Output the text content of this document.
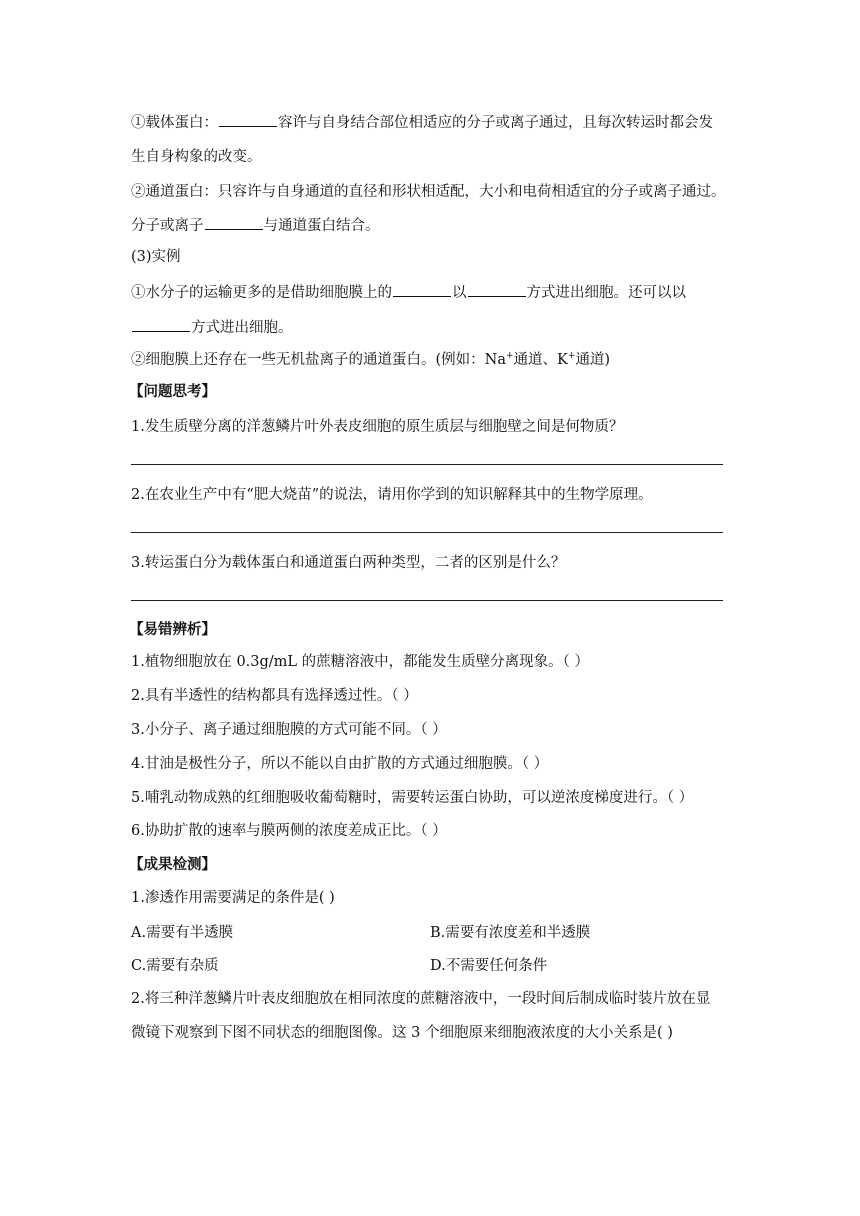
①载体蛋白：	容许与自身结合部位相适应的分子或离子通过，且每次转运时都会发
生自身构象的改变。
②通道蛋白：只容许与自身通道的直径和形状相适配，大小和电荷相适宜的分子或离子通过。
分子或离子	与通道蛋白结合。
(3)实例
①水分子的运输更多的是借助细胞膜上的	以	方式进出细胞。还可以以
方式进出细胞。
②细胞膜上还存在一些无机盐离子的通道蛋白。(例如：Na+通道、K+通道)
【问题思考】
1.发生质壁分离的洋葱鳞片叶外表皮细胞的原生质层与细胞壁之间是何物质？
2.在农业生产中有“肥大烧苗”的说法，请用你学到的知识解释其中的生物学原理。
3.转运蛋白分为载体蛋白和通道蛋白两种类型，二者的区别是什么？
【易错辨析】
1.植物细胞放在 0.3g/mL 的蔗糖溶液中，都能发生质壁分离现象。（ ）
2.具有半透性的结构都具有选择透过性。（ ）
3.小分子、离子通过细胞膜的方式可能不同。（ ）
4.甘油是极性分子，所以不能以自由扩散的方式通过细胞膜。（ ）
5.哺乳动物成熟的红细胞吸收葡萄糖时，需要转运蛋白协助，可以逆浓度梯度进行。（ ）
6.协助扩散的速率与膜两侧的浓度差成正比。（ ）
【成果检测】
1.渗透作用需要满足的条件是( )
A.需要有半透膜	B.需要有浓度差和半透膜
C.需要有杂质	D.不需要任何条件
2.将三种洋葱鳞片叶表皮细胞放在相同浓度的蔗糖溶液中，一段时间后制成临时装片放在显
微镜下观察到下图不同状态的细胞图像。这 3 个细胞原来细胞液浓度的大小关系是( )
